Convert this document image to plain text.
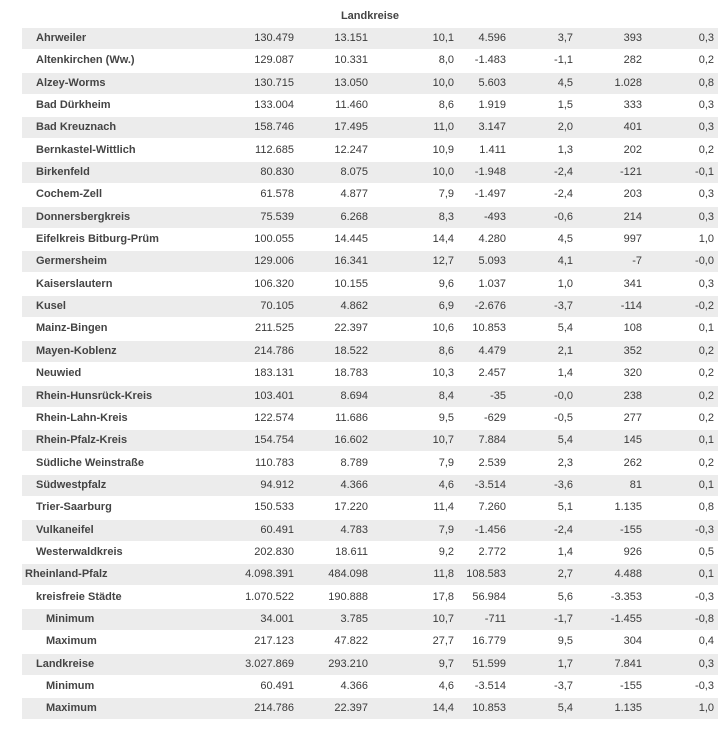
Landkreise
Ahrweiler	130.479	13.151	10,1 4.596	3,7	393	0,3
Altenkirchen (Ww.)	129.087	10.331	8,0 -1.483	-1,1	282	0,2
Alzey-Worms	130.715	13.050	10,0 5.603	4,5	1.028	0,8
Bad Dürkheim	133.004	11.460	8,6 1.919	1,5	333	0,3
Bad Kreuznach	158.746	17.495	11,0 3.147	2,0	401	0,3
Bernkastel-Wittlich	112.685	12.247	10,9 1.411	1,3	202	0,2
Birkenfeld	80.830	8.075	10,0 -1.948	-2,4	-121	-0,1
Cochem-Zell	61.578	4.877	7,9 -1.497	-2,4	203	0,3
Donnersbergkreis	75.539	6.268	8,3	-493	-0,6	214	0,3
Eifelkreis Bitburg-Prüm	100.055	14.445	14,4 4.280	4,5	997	1,0
Germersheim	129.006	16.341	12,7 5.093	4,1	-7	-0,0
Kaiserslautern	106.320	10.155	9,6 1.037	1,0	341	0,3
Kusel	70.105	4.862	6,9 -2.676	-3,7	-114	-0,2
Mainz-Bingen	211.525	22.397	10,6 10.853	5,4	108	0,1
Mayen-Koblenz	214.786	18.522	8,6 4.479	2,1	352	0,2
Neuwied	183.131	18.783	10,3 2.457	1,4	320	0,2
Rhein-Hunsrück-Kreis	103.401	8.694	8,4	-35	-0,0	238	0,2
Rhein-Lahn-Kreis	122.574	11.686	9,5	-629	-0,5	277	0,2
Rhein-Pfalz-Kreis	154.754	16.602	10,7 7.884	5,4	145	0,1
Südliche Weinstraße	110.783	8.789	7,9 2.539	2,3	262	0,2
Südwestpfalz	94.912	4.366	4,6 -3.514	-3,6	81	0,1
Trier-Saarburg	150.533	17.220	11,4 7.260	5,1	1.135	0,8
Vulkaneifel	60.491	4.783	7,9 -1.456	-2,4	-155	-0,3
Westerwaldkreis	202.830	18.611	9,2 2.772	1,4	926	0,5
Rheinland-Pfalz	4.098.391	484.098	11,8 108.583	2,7	4.488	0,1
kreisfreie Städte	1.070.522	190.888	17,8 56.984	5,6	-3.353	-0,3
Minimum	34.001	3.785	10,7	-711	-1,7	-1.455	-0,8
Maximum	217.123	47.822	27,7 16.779	9,5	304	0,4
Landkreise	3.027.869	293.210	9,7 51.599	1,7	7.841	0,3
Minimum	60.491	4.366	4,6 -3.514	-3,7	-155	-0,3
Maximum	214.786	22.397	14,4 10.853	5,4	1.135	1,0
